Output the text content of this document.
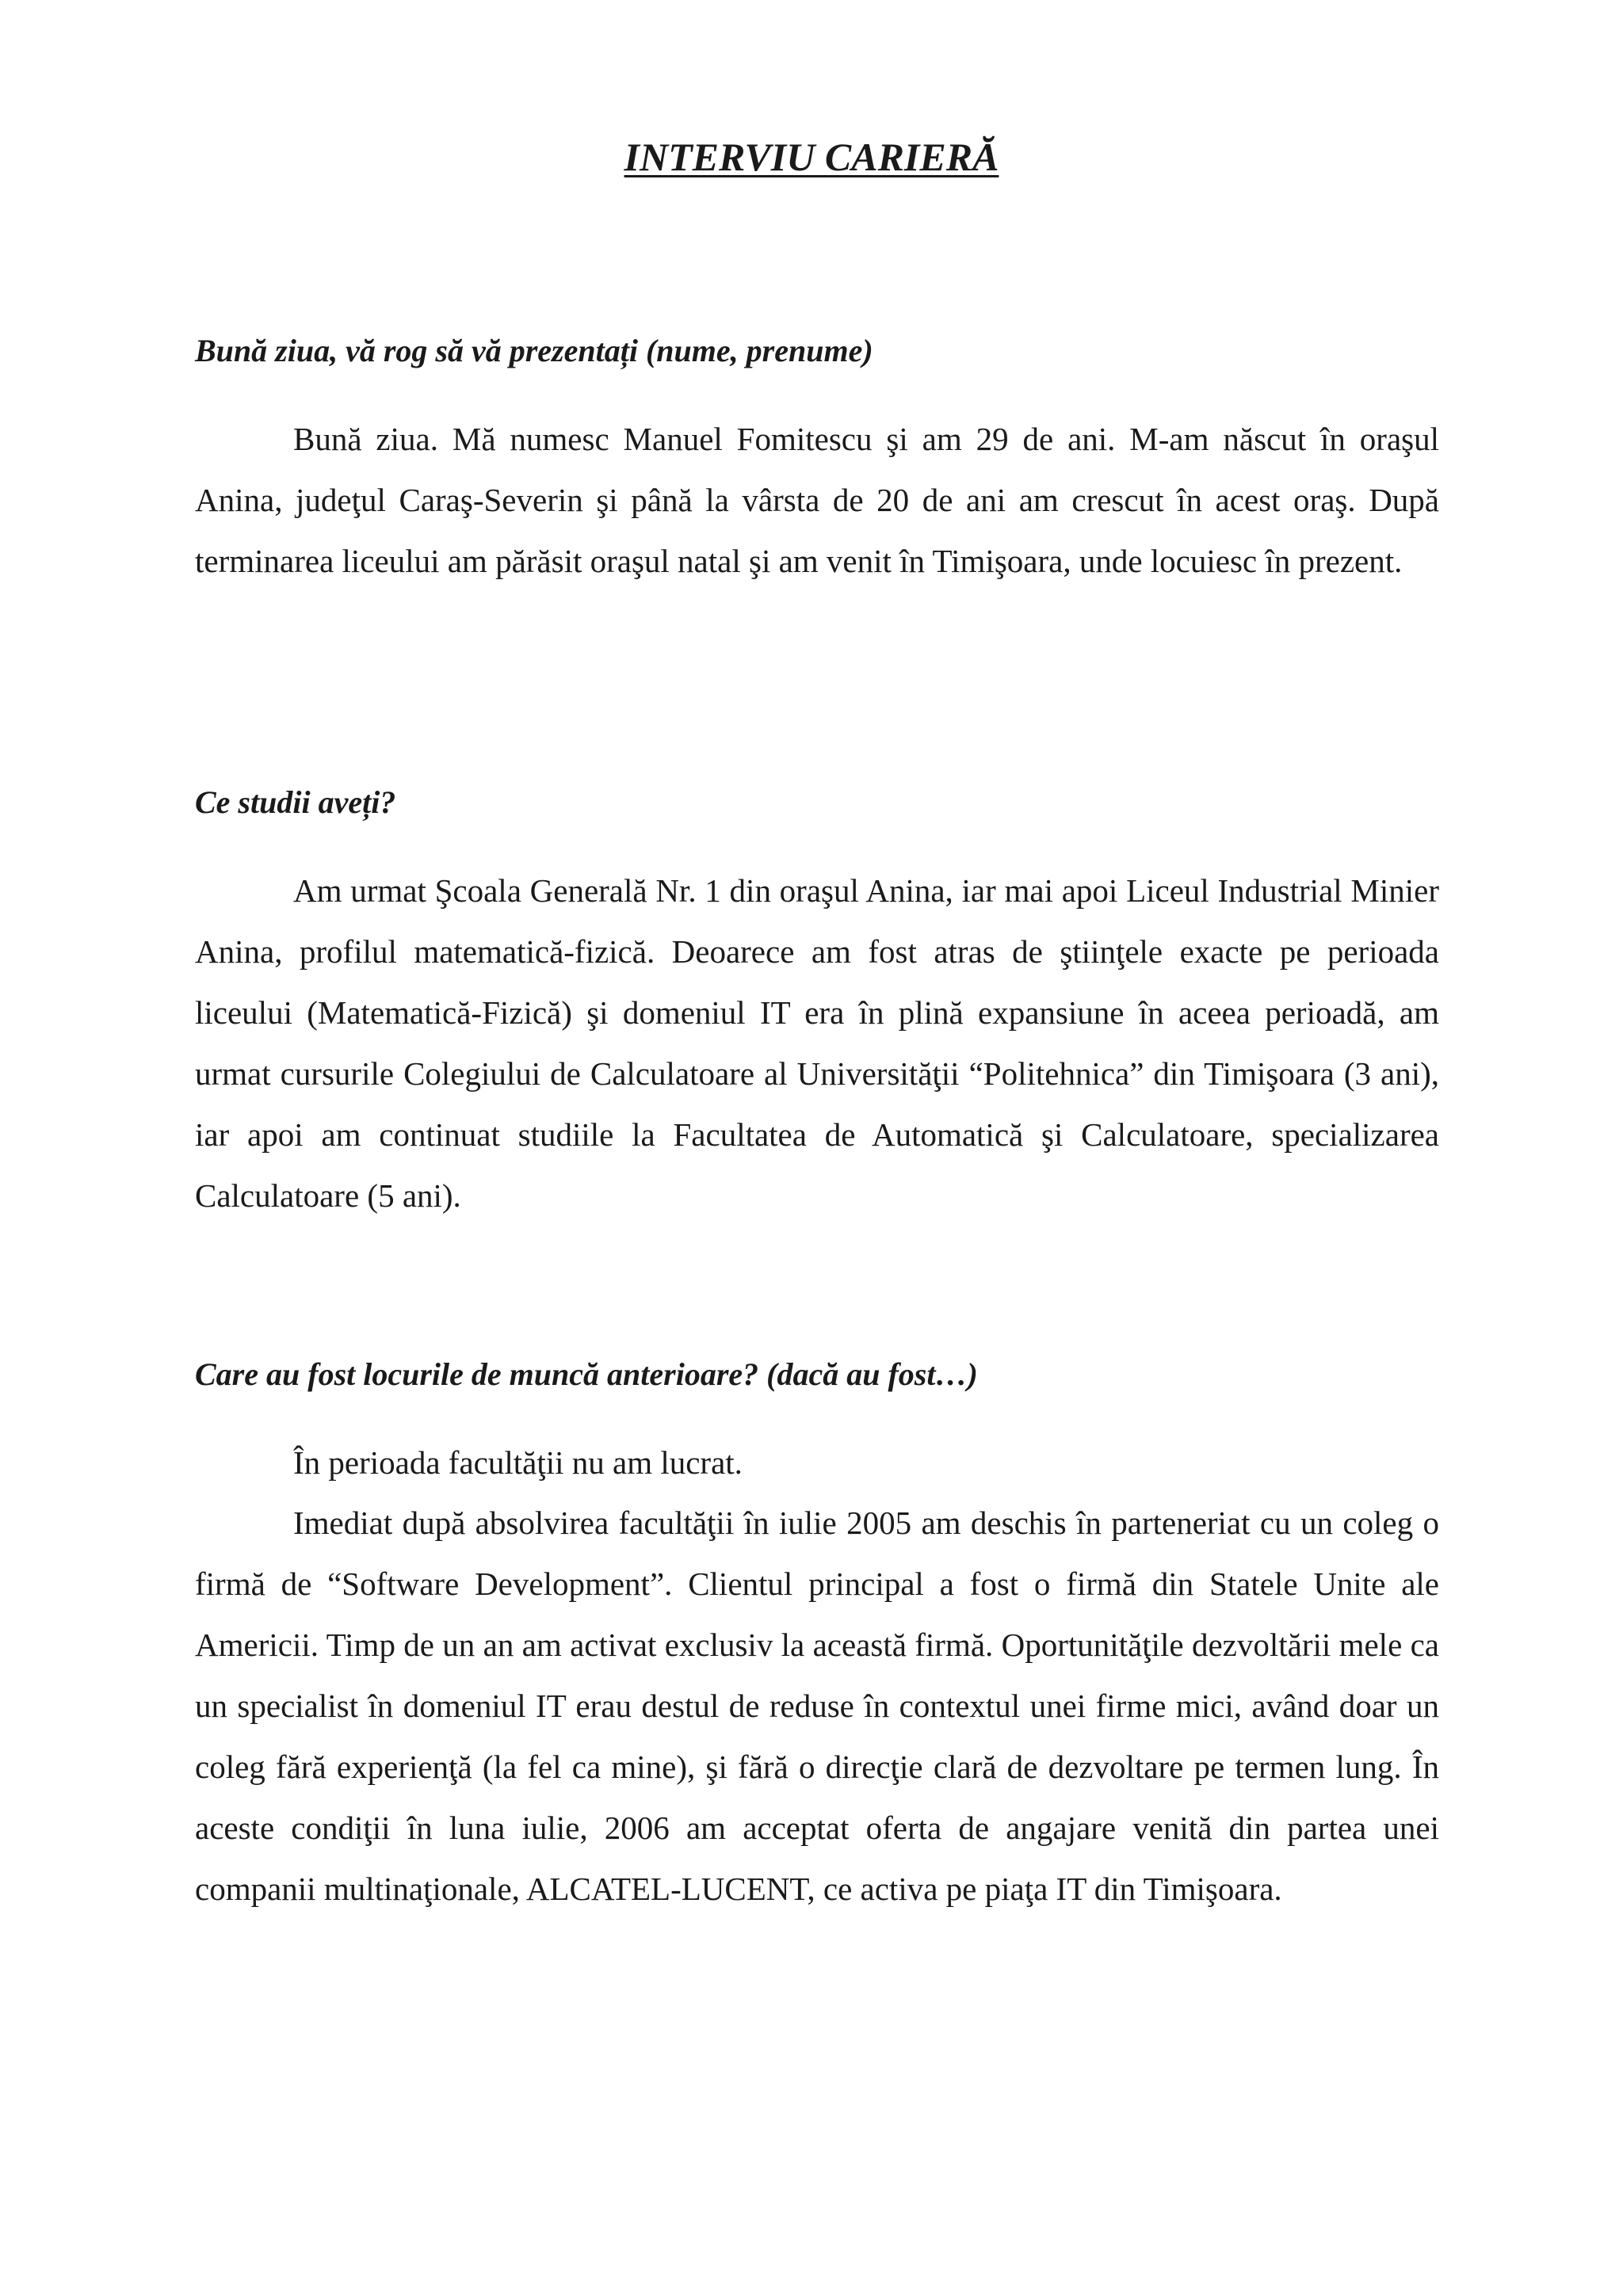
INTERVIU CARIERĂ
Bună ziua, vă rog să vă prezentați (nume, prenume)
Bună ziua. Mă numesc Manuel Fomitescu şi am 29 de ani. M-am născut în oraşul Anina, judeţul Caraş-Severin şi până la vârsta de 20 de ani am crescut în acest oraş. După terminarea liceului am părăsit oraşul natal şi am venit în Timişoara, unde locuiesc în prezent.
Ce studii aveți?
Am urmat Şcoala Generală Nr. 1 din oraşul Anina, iar mai apoi Liceul Industrial Minier Anina, profilul matematică-fizică. Deoarece am fost atras de ştiinţele exacte pe perioada liceului (Matematică-Fizică) şi domeniul IT era în plină expansiune în aceea perioadă, am urmat cursurile Colegiului de Calculatoare al Universităţii “Politehnica” din Timişoara (3 ani), iar apoi am continuat studiile la Facultatea de Automatică şi Calculatoare, specializarea Calculatoare (5 ani).
Care au fost locurile de muncă anterioare? (dacă au fost…)
În perioada facultăţii nu am lucrat.
Imediat după absolvirea facultăţii în iulie 2005 am deschis în parteneriat cu un coleg o firmă de “Software Development”. Clientul principal a fost o firmă din Statele Unite ale Americii. Timp de un an am activat exclusiv la această firmă. Oportunităţile dezvoltării mele ca un specialist în domeniul IT erau destul de reduse în contextul unei firme mici, având doar un coleg fără experienţă (la fel ca mine), şi fără o direcţie clară de dezvoltare pe termen lung. În aceste condiţii în luna iulie, 2006 am acceptat oferta de angajare venită din partea unei companii multinaţionale, ALCATEL-LUCENT, ce activa pe piaţa IT din Timişoara.
